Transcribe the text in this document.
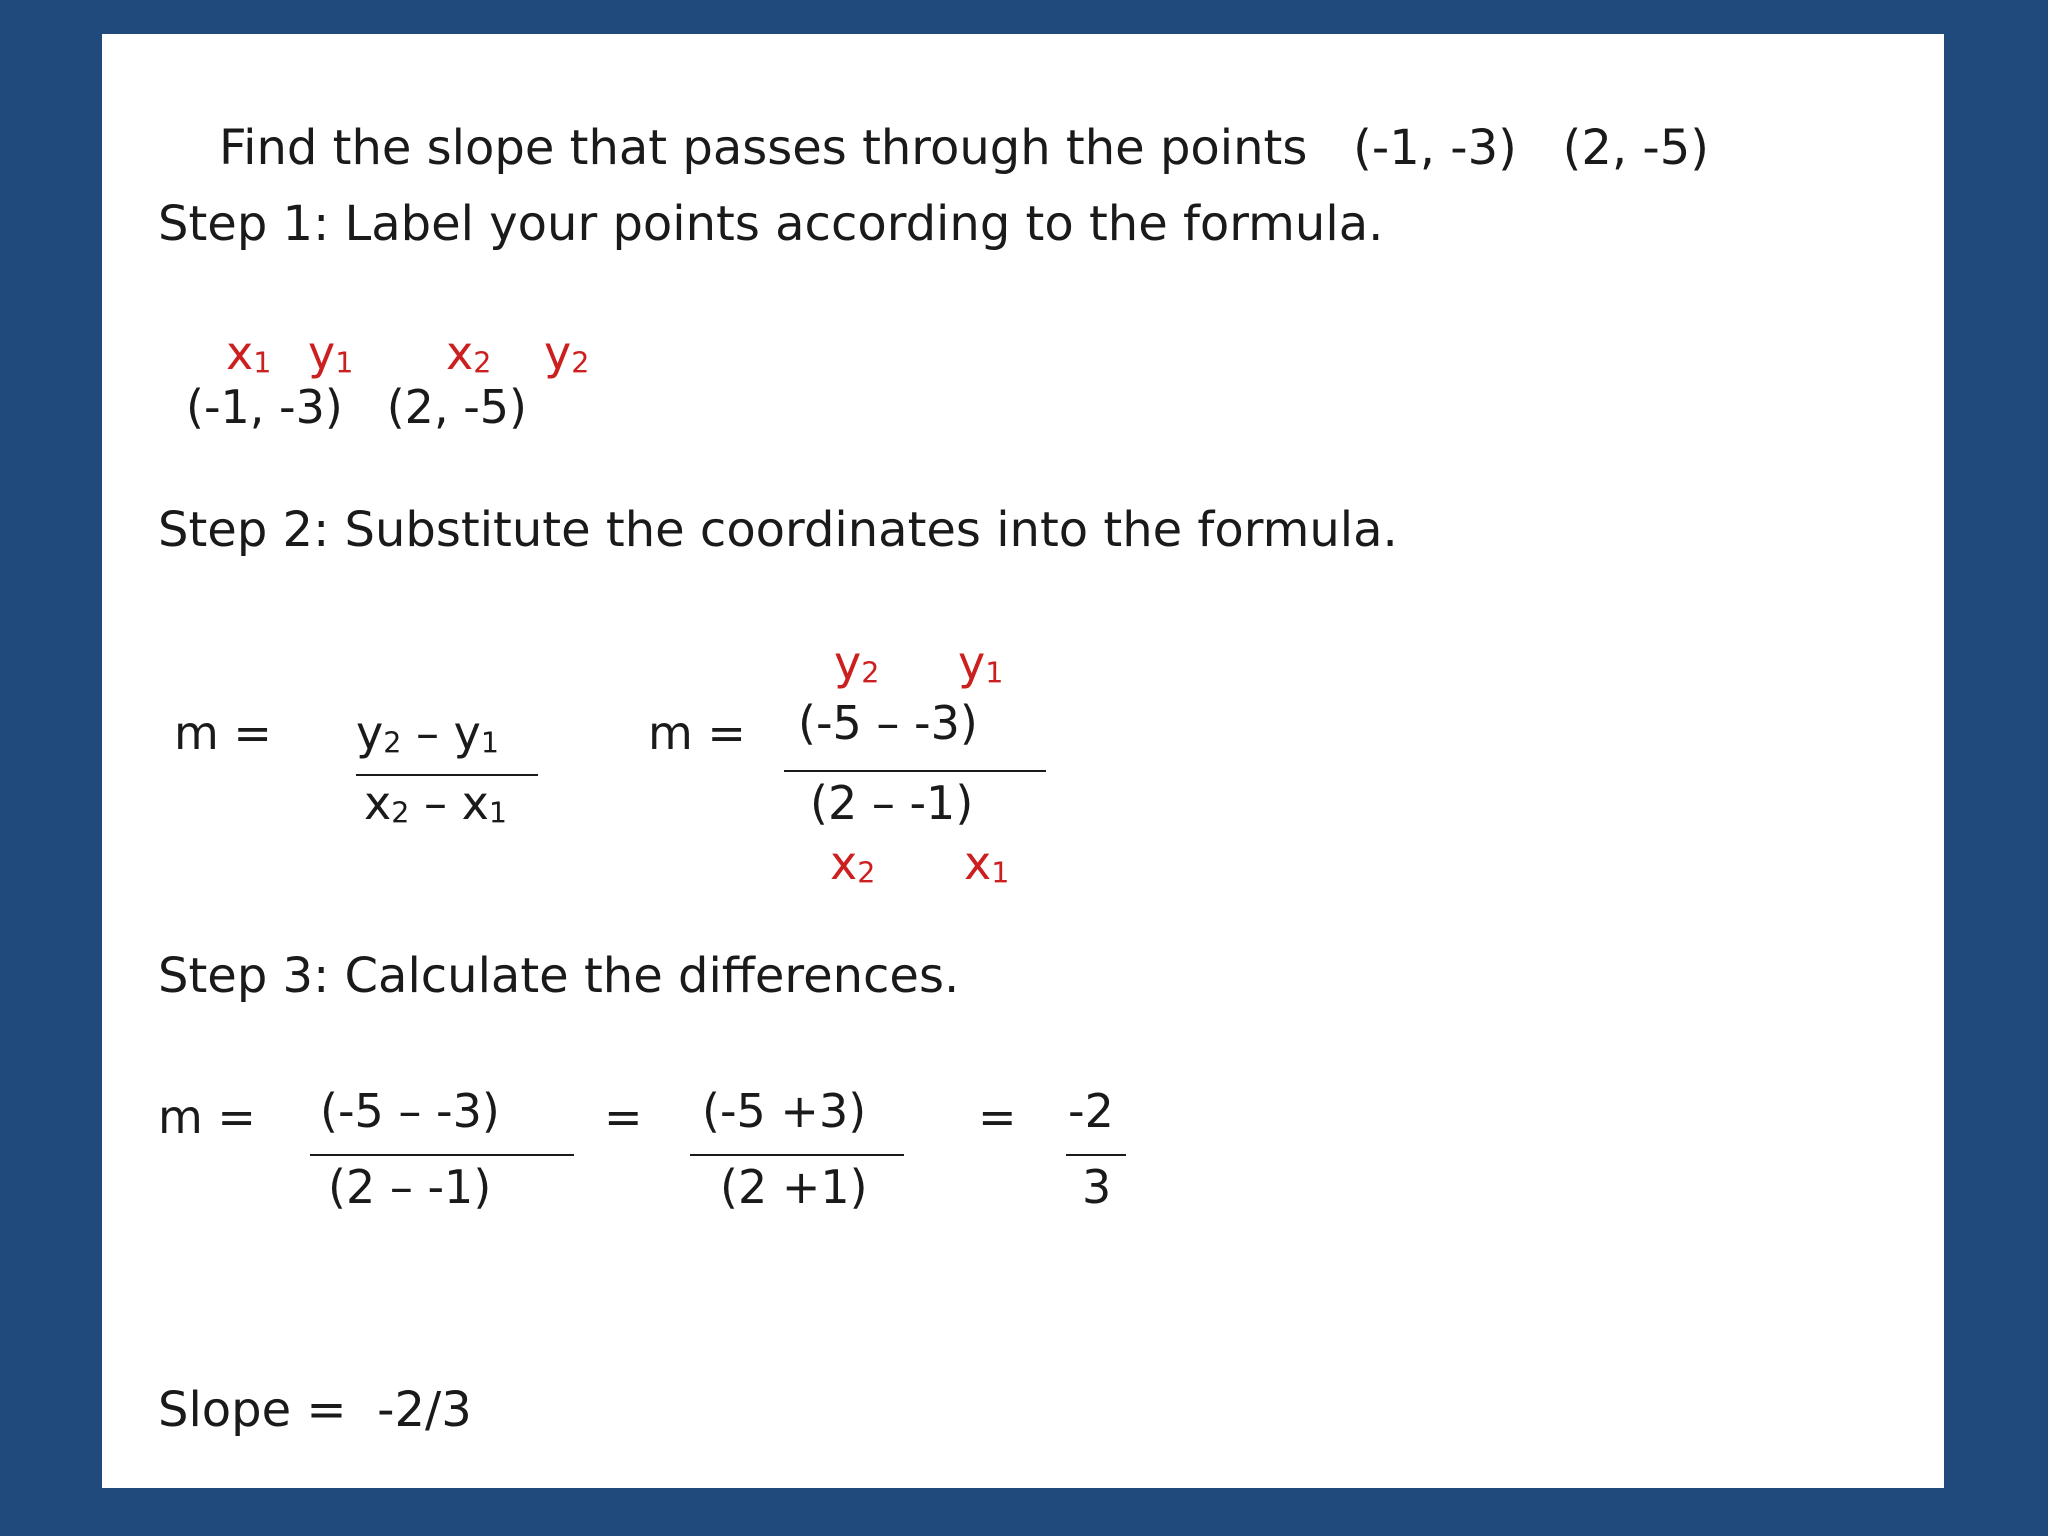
Find the slope that passes through the points (-1, -3) (2, -5)

Step 1: Label your points according to the formula.
x1 y1 x2 y2
(-1, -3)   (2, -5)
Step 2: Substitute the coordinates into the formula.
m = y2 – y1
x2 – x1
y2 y1
m = (-5 – -3)
(2 – -1)
x2 x1
Step 3: Calculate the differences.
m = (-5 – -3)
(2 – -1)
= (-5 +3)
(2 +1)
= -2
3
Slope =  -2/3
